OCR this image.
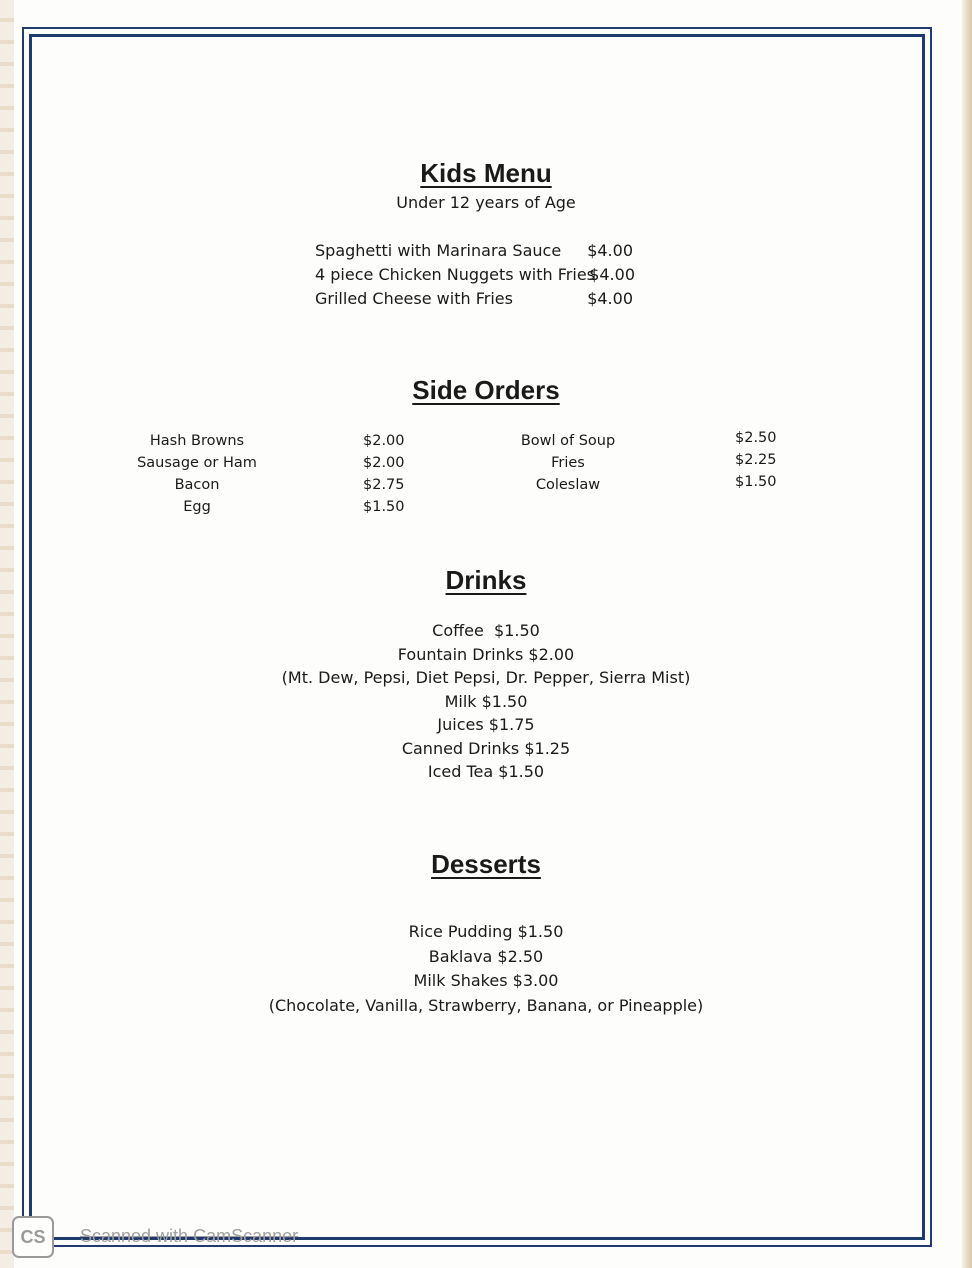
Kids Menu
Under 12 years of Age
Spaghetti with Marinara Sauce $4.00
4 piece Chicken Nuggets with Fries
$4.00
Grilled Cheese with Fries	$4.00
Side Orders
Hash Browns
Sausage or Ham
Bacon
Egg
$2.00
$2.00
$2.75
$1.50
Bowl of Soup
Fries
Coleslaw
$2.50
$2.25
$1.50
Drinks
Coffee  $1.50
Fountain Drinks $2.00
(Mt. Dew, Pepsi, Diet Pepsi, Dr. Pepper, Sierra Mist)
Milk $1.50
Juices $1.75
Canned Drinks $1.25
Iced Tea $1.50
Desserts
Rice Pudding $1.50
Baklava $2.50
Milk Shakes $3.00
(Chocolate, Vanilla, Strawberry, Banana, or Pineapple)
CS	Scanned with CamScanner
